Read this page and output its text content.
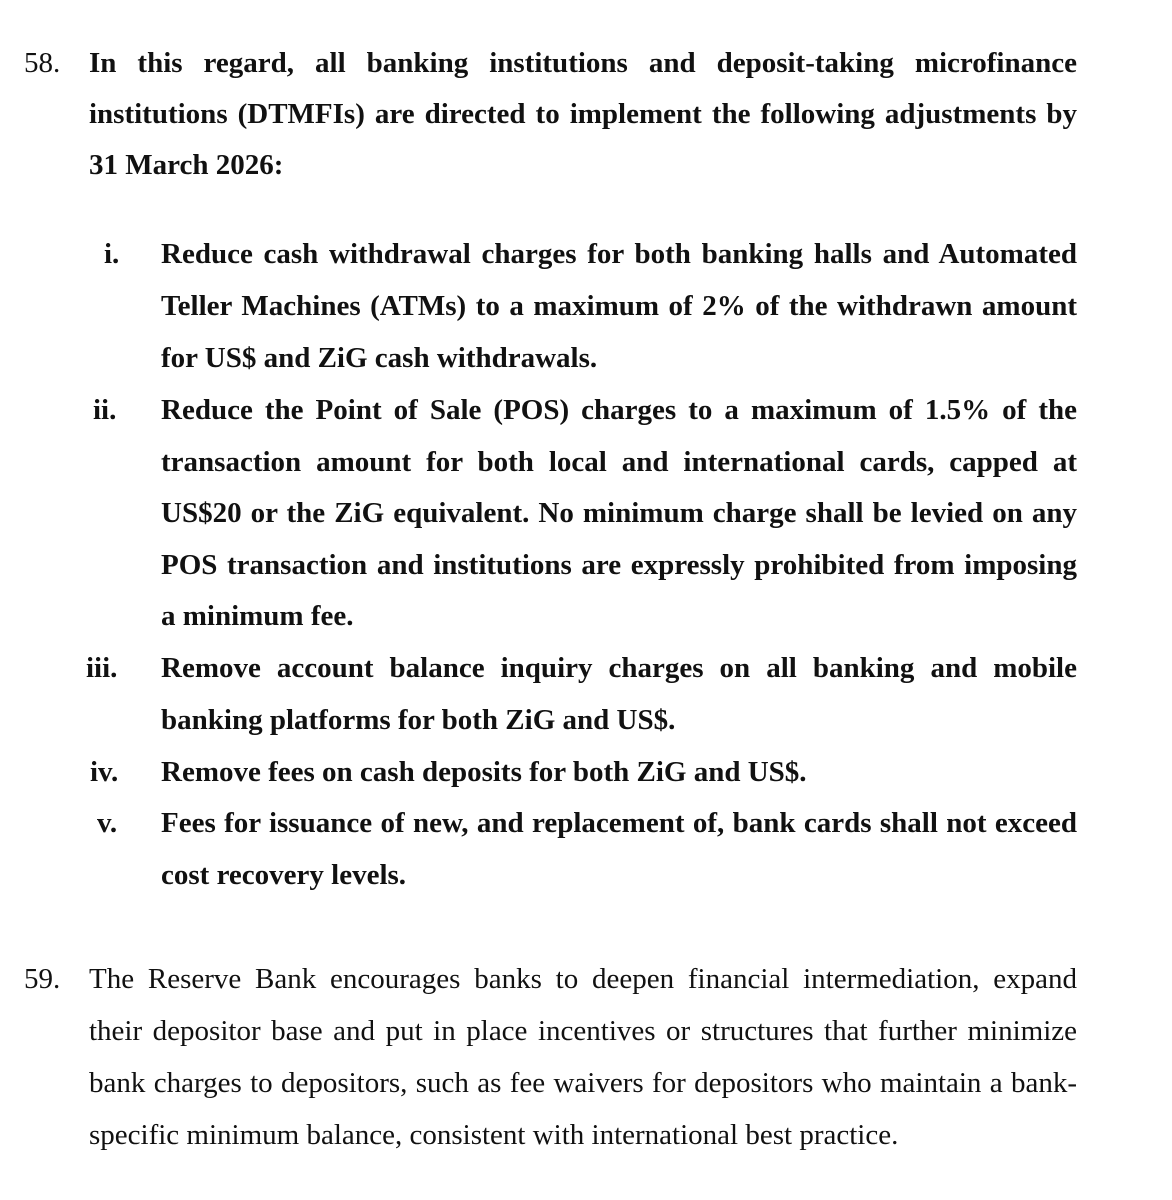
58. In this regard, all banking institutions and deposit-taking microfinance
institutions (DTMFIs) are directed to implement the following adjustments by
31 March 2026:
i. Reduce cash withdrawal charges for both banking halls and Automated
Teller Machines (ATMs) to a maximum of 2% of the withdrawn amount
for US$ and ZiG cash withdrawals.
ii. Reduce the Point of Sale (POS) charges to a maximum of 1.5% of the
transaction amount for both local and international cards, capped at
US$20 or the ZiG equivalent. No minimum charge shall be levied on any
POS transaction and institutions are expressly prohibited from imposing
a minimum fee.
iii. Remove account balance inquiry charges on all banking and mobile
banking platforms for both ZiG and US$.
iv. Remove fees on cash deposits for both ZiG and US$.
v. Fees for issuance of new, and replacement of, bank cards shall not exceed
cost recovery levels.
59. The Reserve Bank encourages banks to deepen financial intermediation, expand
their depositor base and put in place incentives or structures that further minimize
bank charges to depositors, such as fee waivers for depositors who maintain a bank-
specific minimum balance, consistent with international best practice.
